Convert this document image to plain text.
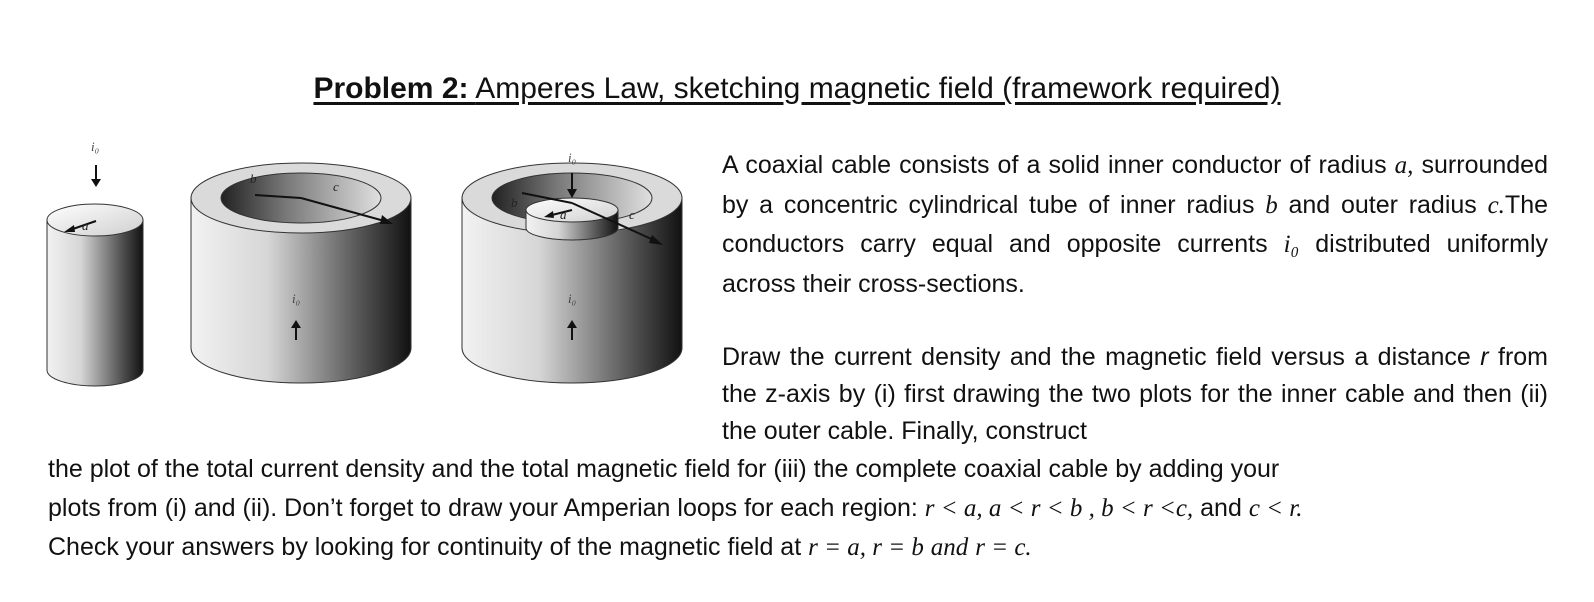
Problem 2: Amperes Law, sketching magnetic field (framework required)
a
i₀
b
c
i₀
a
b
c
i₀
i₀
A coaxial cable consists of a solid inner conductor of radius a, surrounded by a concentric cylindrical tube of inner radius b and outer radius c.The conductors carry equal and opposite currents i₀ distributed uniformly across their cross-sections.
Draw the current density and the magnetic field versus a distance r from the z-axis by (i) first drawing the two plots for the inner cable and then (ii) the outer cable. Finally, construct
the plot of the total current density and the total magnetic field for (iii) the complete coaxial cable by adding your
plots from (i) and (ii). Don’t forget to draw your Amperian loops for each region: r < a, a < r < b , b < r <c, and c < r.
Check your answers by looking for continuity of the magnetic field at r = a, r = b and r = c.
